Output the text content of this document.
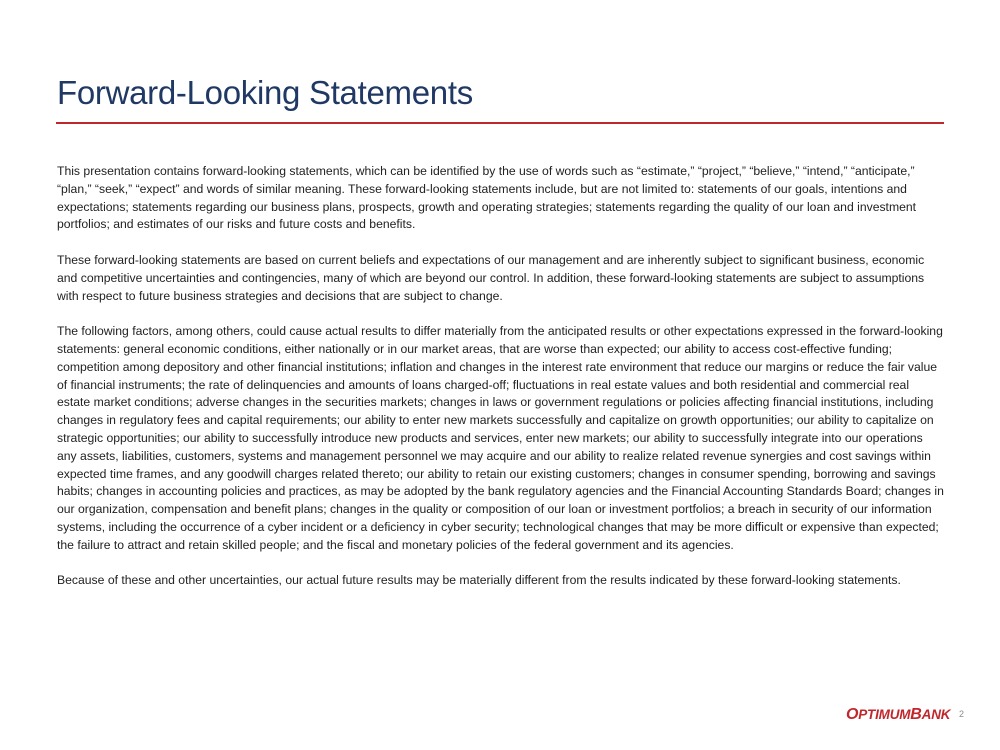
Forward-Looking Statements

This presentation contains forward-looking statements, which can be identified by the use of words such as “estimate,” “project,” “believe,” “intend,” “anticipate,” “plan,” “seek,” “expect” and words of similar meaning. These forward-looking statements include, but are not limited to: statements of our goals, intentions and expectations; statements regarding our business plans, prospects, growth and operating strategies; statements regarding the quality of our loan and investment portfolios; and estimates of our risks and future costs and benefits.

These forward-looking statements are based on current beliefs and expectations of our management and are inherently subject to significant business, economic and competitive uncertainties and contingencies, many of which are beyond our control. In addition, these forward-looking statements are subject to assumptions with respect to future business strategies and decisions that are subject to change.

The following factors, among others, could cause actual results to differ materially from the anticipated results or other expectations expressed in the forward-looking statements: general economic conditions, either nationally or in our market areas, that are worse than expected; our ability to access cost-effective funding; competition among depository and other financial institutions; inflation and changes in the interest rate environment that reduce our margins or reduce the fair value of financial instruments; the rate of delinquencies and amounts of loans charged-off; fluctuations in real estate values and both residential and commercial real estate market conditions; adverse changes in the securities markets; changes in laws or government regulations or policies affecting financial institutions, including changes in regulatory fees and capital requirements; our ability to enter new markets successfully and capitalize on growth opportunities; our ability to capitalize on strategic opportunities; our ability to successfully introduce new products and services, enter new markets; our ability to successfully integrate into our operations any assets, liabilities, customers, systems and management personnel we may acquire and our ability to realize related revenue synergies and cost savings within expected time frames, and any goodwill charges related thereto; our ability to retain our existing customers; changes in consumer spending, borrowing and savings habits; changes in accounting policies and practices, as may be adopted by the bank regulatory agencies and the Financial Accounting Standards Board; changes in our organization, compensation and benefit plans; changes in the quality or composition of our loan or investment portfolios; a breach in security of our information systems, including the occurrence of a cyber incident or a deficiency in cyber security; technological changes that may be more difficult or expensive than expected; the failure to attract and retain skilled people; and the fiscal and monetary policies of the federal government and its agencies.

Because of these and other uncertainties, our actual future results may be materially different from the results indicated by these forward-looking statements.

OPTIMUMBANK 2
